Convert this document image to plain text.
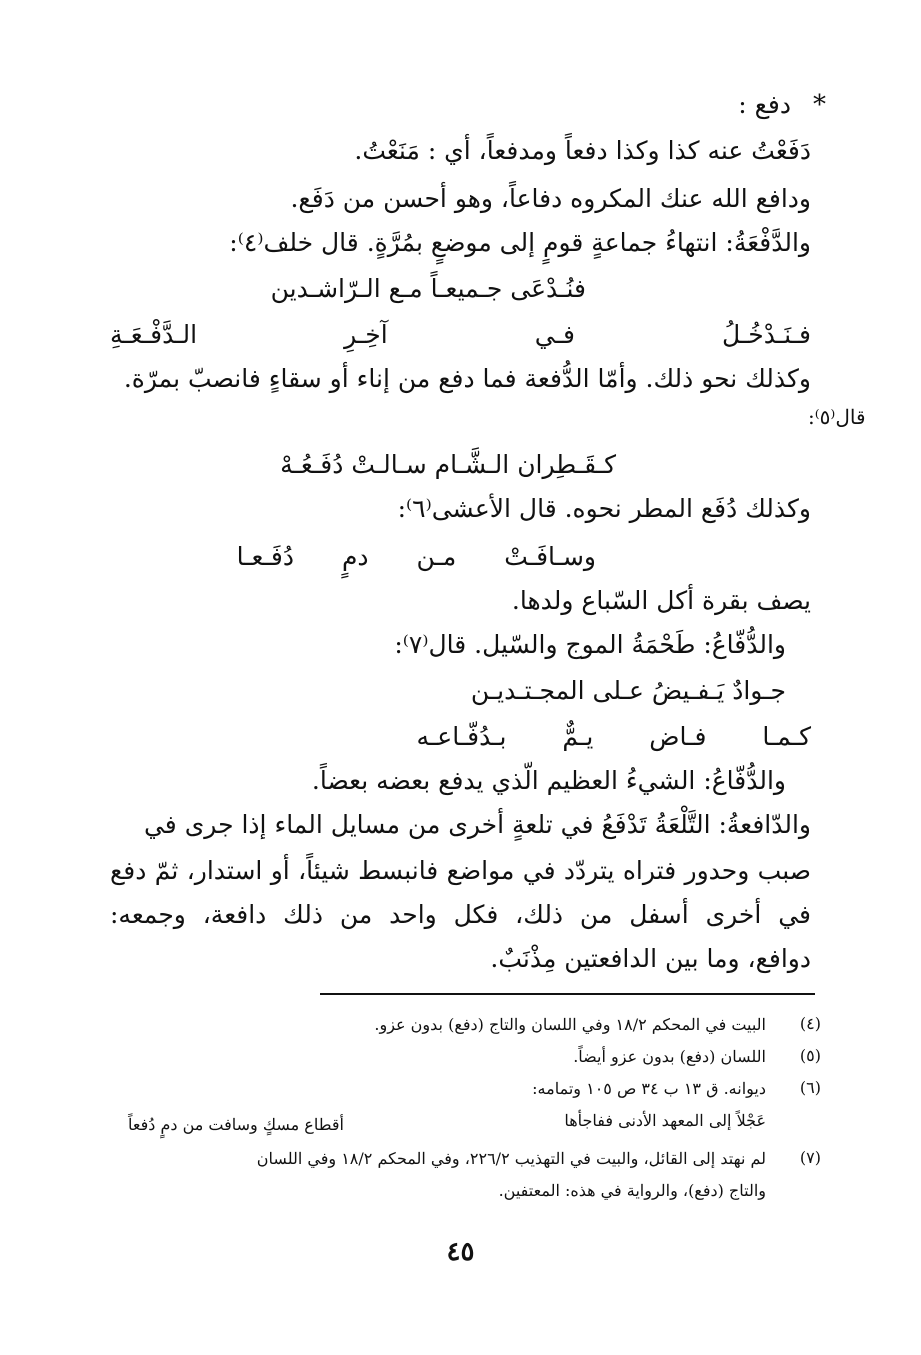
*
دفع :
دَفَعْتُ عنه كذا وكذا دفعاً ومدفعاً، أي : مَنَعْتُ.
ودافع الله عنك المكروه دفاعاً، وهو أحسن من دَفَع.
والدَّفْعَةُ: انتهاءُ جماعةٍ قومٍ إلى موضعٍ بمُرَّةٍ. قال خلف⁽٤⁾:
فنُـدْعَى جـميعـاً مـع الـرّاشـدين
فـنَـدْخُـلُ فـي آخِـرِ الـدَّفْـعَـةِ
وكذلك نحو ذلك. وأمّا الدُّفعة فما دفع من إناء أو سقاءٍ فانصبّ بمرّة.
قال⁽٥⁾:
كـقَـطِران الـشَّـام سـالـتْ دُفَـعُـهْ
وكذلك دُفَع المطر نحوه. قال الأعشى⁽٦⁾:
وسـافَـتْ مـن دمٍ دُفَـعـا
يصف بقرة أكل السّباع ولدها.
والدُّفّاعُ: طَحْمَةُ الموج والسّيل. قال⁽٧⁾:
جـوادٌ يَـفـيضُ عـلى المجـتـديـن
كـمـا فـاض يـمٌّ بـدُفّـاعـه
والدُّفّاعُ: الشيءُ العظيم الّذي يدفع بعضه بعضاً.
والدّافعةُ: التَّلْعَةُ تَدْفَعُ في تلعةٍ أخرى من مسايل الماء إذا جرى في
صبب وحدور فتراه يتردّد في مواضع فانبسط شيئاً، أو استدار، ثمّ دفع
في أخرى أسفل من ذلك، فكل واحد من ذلك دافعة، وجمعه:
دوافع، وما بين الدافعتين مِذْنَبٌ.
(٤)
البيت في المحكم ١٨/٢ وفي اللسان والتاج (دفع) بدون عزو.
(٥)
اللسان (دفع) بدون عزو أيضاً.
(٦)
ديوانه. ق ١٣ ب ٣٤ ص ١٠٥ وتمامه:
عَجْلاً إلى المعهد الأدنى ففاجأها
أقطاع مسكٍ وسافت من دمٍ دُفعاً
(٧)
لم نهتد إلى القائل، والبيت في التهذيب ٢٢٦/٢، وفي المحكم ١٨/٢ وفي اللسان
والتاج (دفع)، والرواية في هذه: المعتفين.
٤٥
